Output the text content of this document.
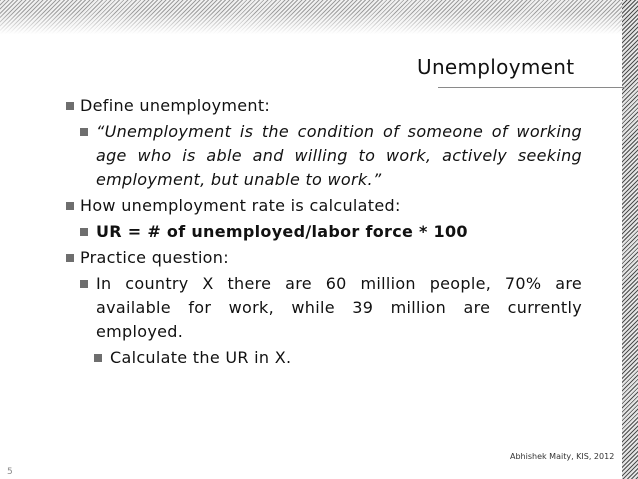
Unemployment
Define unemployment:
“Unemployment is the condition of someone of working
age who is able and willing to work, actively seeking
employment, but unable to work.”
How unemployment rate is calculated:
UR = # of unemployed/labor force * 100
Practice question:
In country X there are 60 million people, 70% are
available for work, while 39 million are currently
employed.
Calculate the UR in X.
Abhishek Maity, KIS, 2012
5
